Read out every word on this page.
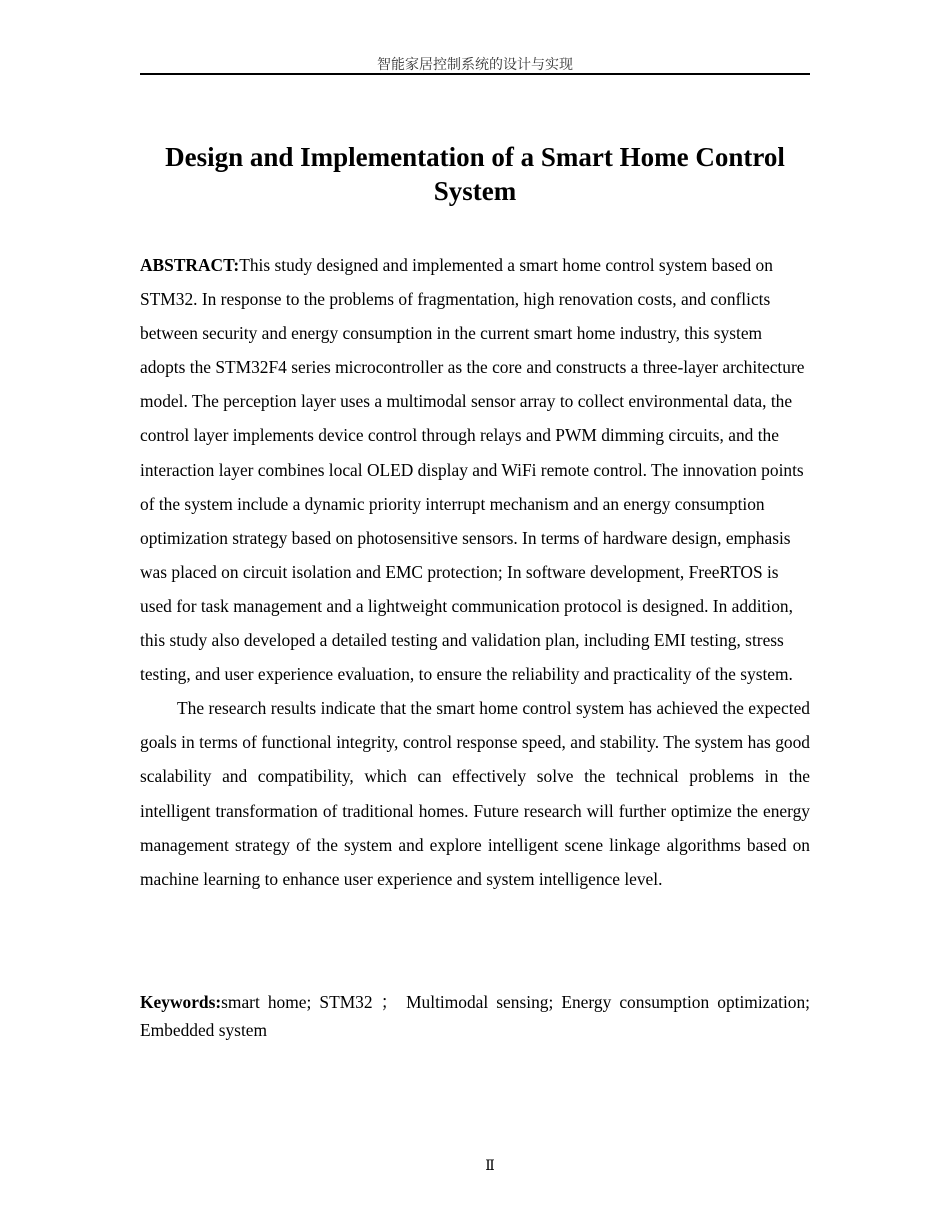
智能家居控制系统的设计与实现
Design and Implementation of a Smart Home Control System

ABSTRACT:This study designed and implemented a smart home control system based on STM32. In response to the problems of fragmentation, high renovation costs, and conflicts between security and energy consumption in the current smart home industry, this system adopts the STM32F4 series microcontroller as the core and constructs a three-layer architecture model. The perception layer uses a multimodal sensor array to collect environmental data, the control layer implements device control through relays and PWM dimming circuits, and the interaction layer combines local OLED display and WiFi remote control. The innovation points of the system include a dynamic priority interrupt mechanism and an energy consumption optimization strategy based on photosensitive sensors. In terms of hardware design, emphasis was placed on circuit isolation and EMC protection; In software development, FreeRTOS is used for task management and a lightweight communication protocol is designed. In addition, this study also developed a detailed testing and validation plan, including EMI testing, stress testing, and user experience evaluation, to ensure the reliability and practicality of the system.

The research results indicate that the smart home control system has achieved the expected goals in terms of functional integrity, control response speed, and stability. The system has good scalability and compatibility, which can effectively solve the technical problems in the intelligent transformation of traditional homes. Future research will further optimize the energy management strategy of the system and explore intelligent scene linkage algorithms based on machine learning to enhance user experience and system intelligence level.

Keywords:smart home; STM32 ； Multimodal sensing; Energy consumption optimization; Embedded system

Ⅱ
